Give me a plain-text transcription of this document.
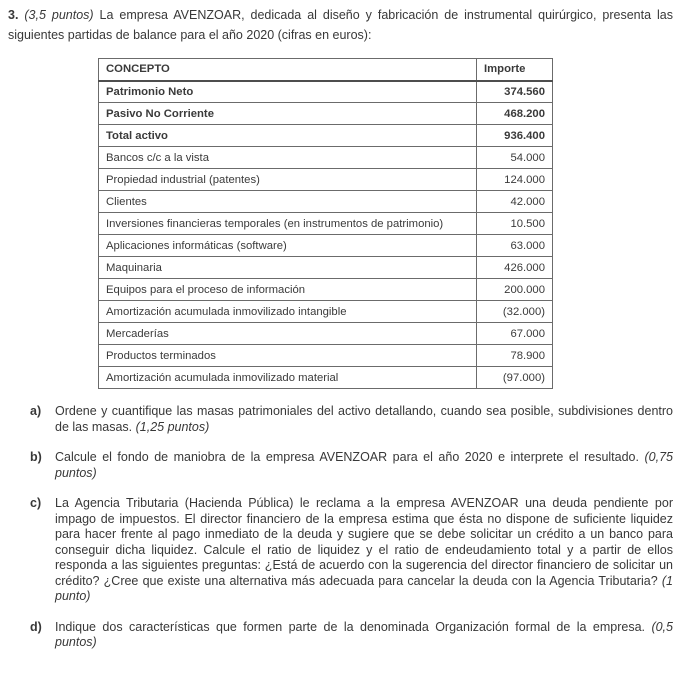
3. (3,5 puntos) La empresa AVENZOAR, dedicada al diseño y fabricación de instrumental quirúrgico, presenta las siguientes partidas de balance para el año 2020 (cifras en euros):

CONCEPTO	Importe
Patrimonio Neto	374.560
Pasivo No Corriente	468.200
Total activo	936.400
Bancos c/c a la vista	54.000
Propiedad industrial (patentes)	124.000
Clientes	42.000
Inversiones financieras temporales (en instrumentos de patrimonio)	10.500
Aplicaciones informáticas (software)	63.000
Maquinaria	426.000
Equipos para el proceso de información	200.000
Amortización acumulada inmovilizado intangible	(32.000)
Mercaderías	67.000
Productos terminados	78.900
Amortización acumulada inmovilizado material	(97.000)
a)	Ordene y cuantifique las masas patrimoniales del activo detallando, cuando sea posible, subdivisiones dentro de las masas. (1,25 puntos)
b)	Calcule el fondo de maniobra de la empresa AVENZOAR para el año 2020 e interprete el resultado. (0,75 puntos)
c)	La Agencia Tributaria (Hacienda Pública) le reclama a la empresa AVENZOAR una deuda pendiente por impago de impuestos. El director financiero de la empresa estima que ésta no dispone de suficiente liquidez para hacer frente al pago inmediato de la deuda y sugiere que se debe solicitar un crédito a un banco para conseguir dicha liquidez. Calcule el ratio de liquidez y el ratio de endeudamiento total y a partir de ellos responda a las siguientes preguntas: ¿Está de acuerdo con la sugerencia del director financiero de solicitar un crédito? ¿Cree que existe una alternativa más adecuada para cancelar la deuda con la Agencia Tributaria? (1 punto)
d)	Indique dos características que formen parte de la denominada Organización formal de la empresa. (0,5 puntos)
